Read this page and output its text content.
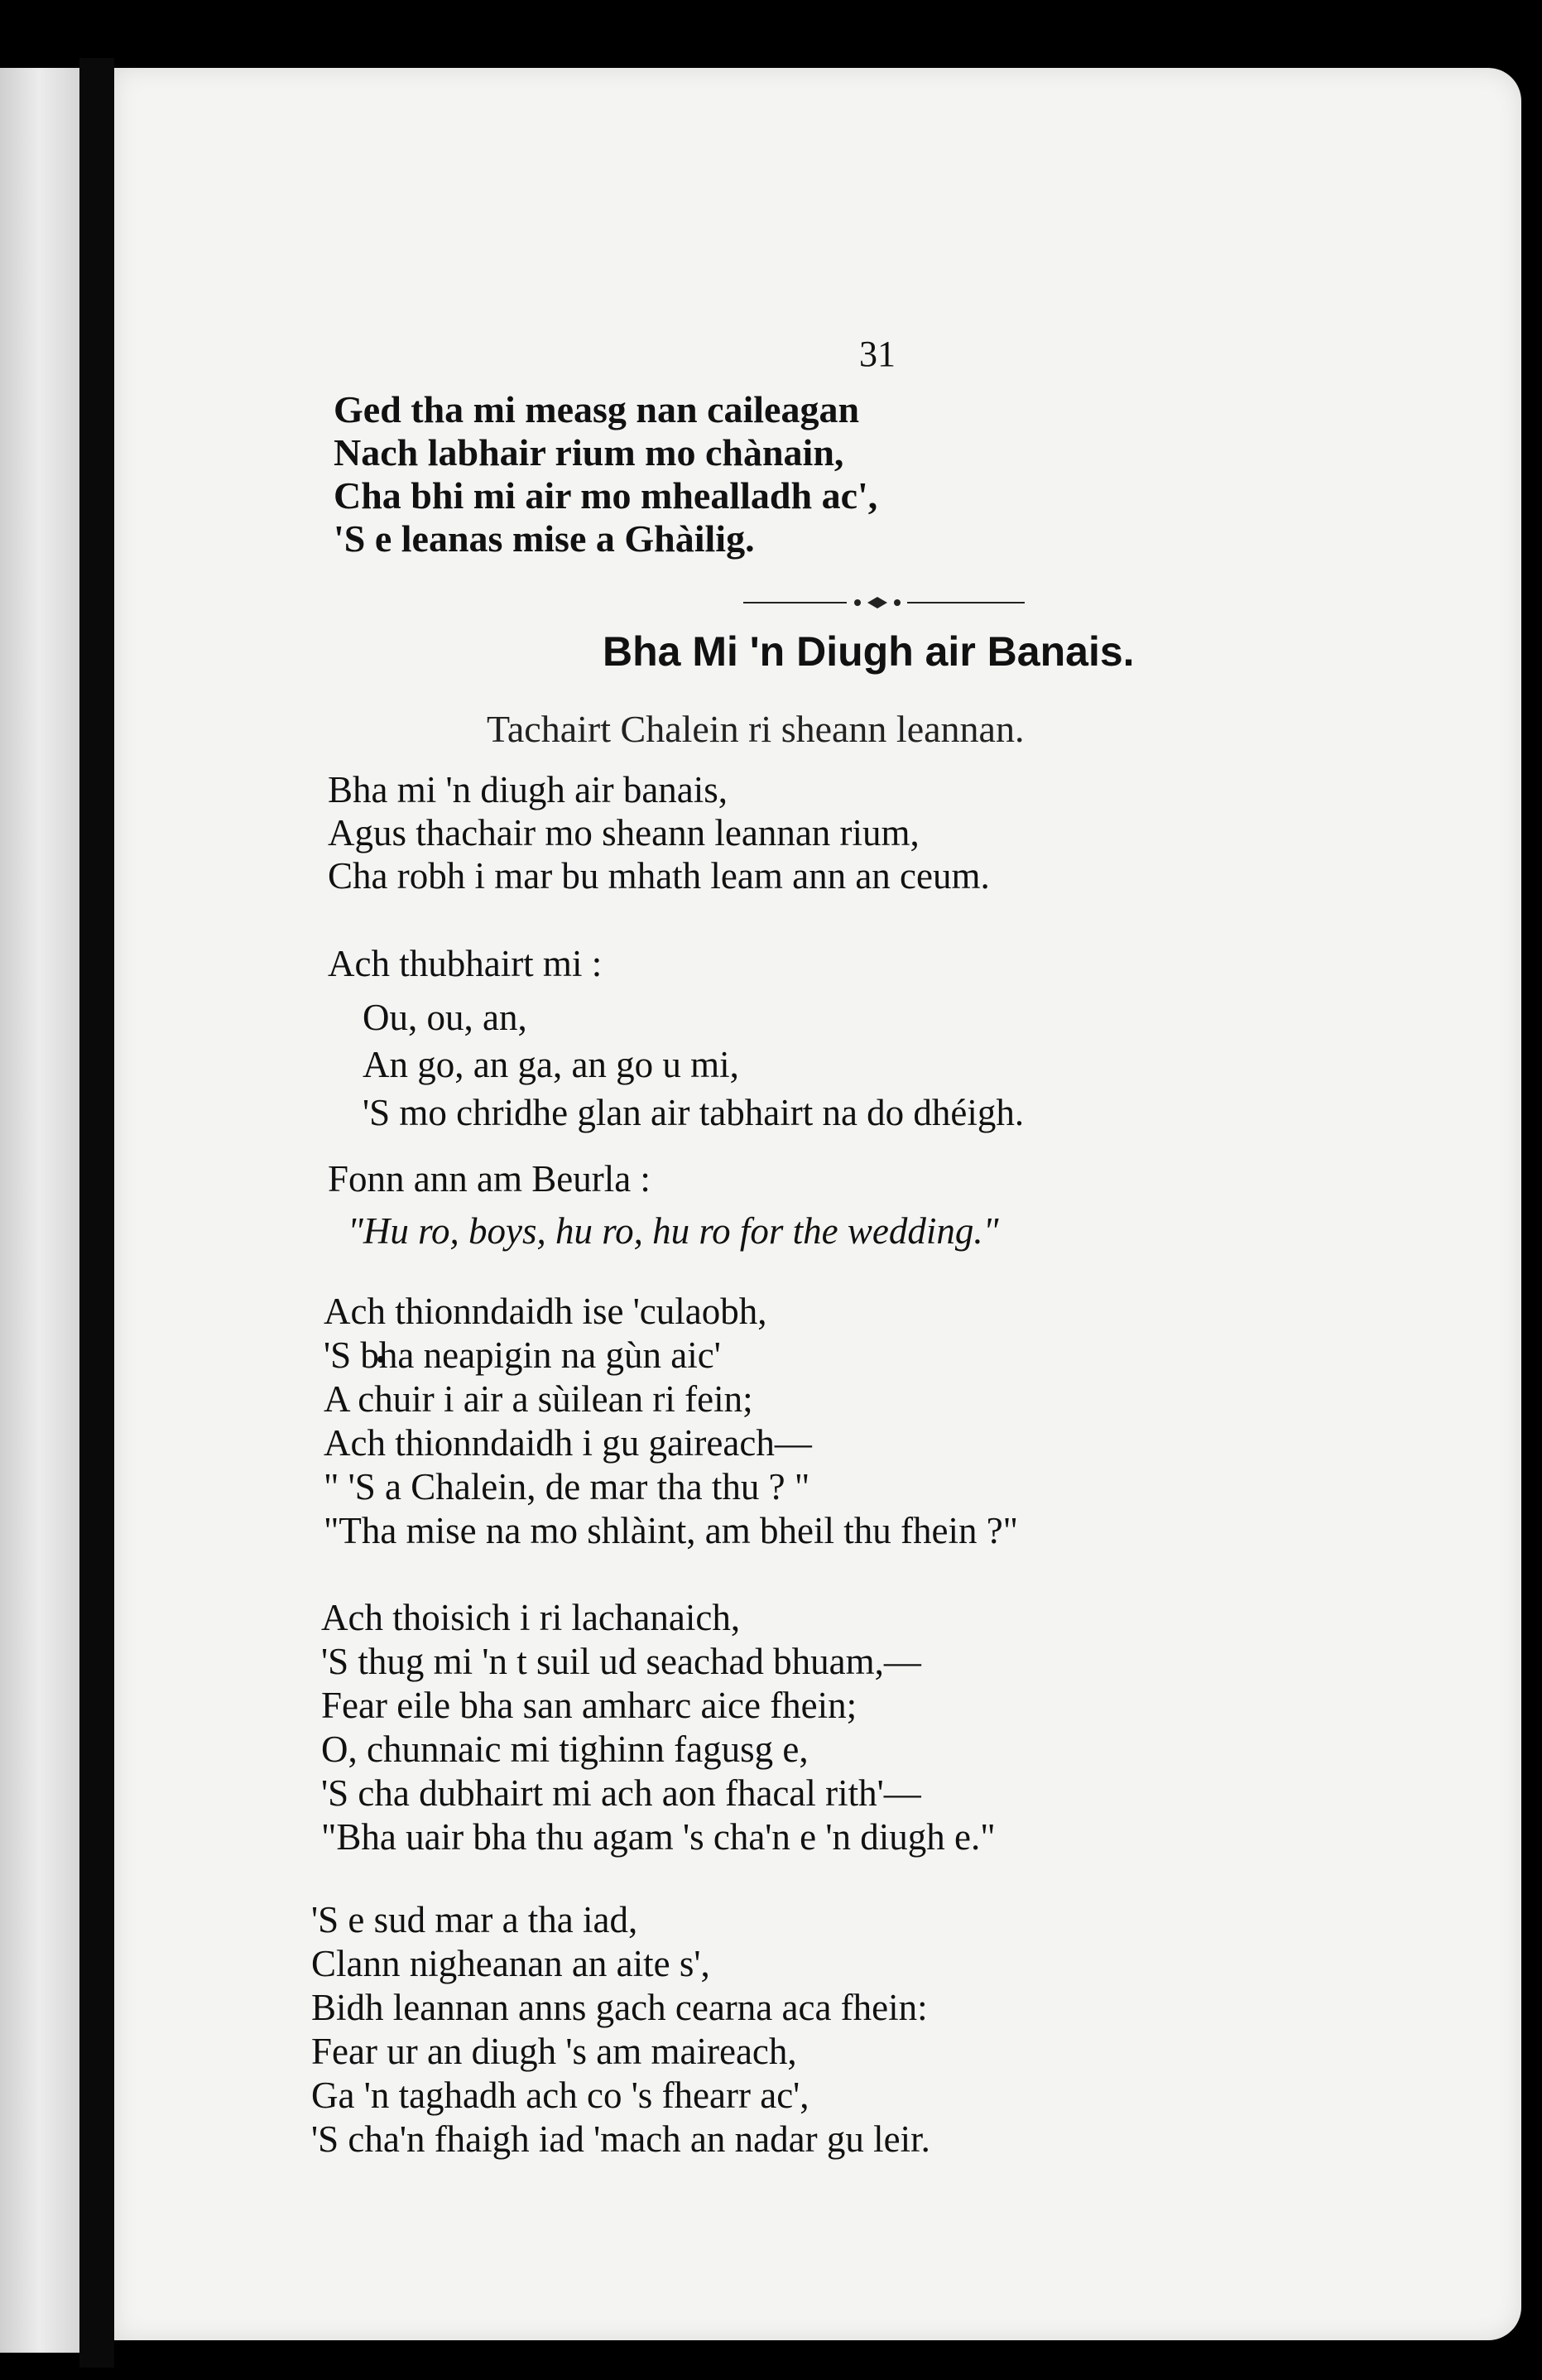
31
Ged tha mi measg nan caileagan
Nach labhair rium mo chànain,
Cha bhi mi air mo mhealladh ac',
'S e leanas mise a Ghàilig.
Bha Mi 'n Diugh air Banais.
Tachairt Chalein ri sheann leannan.
Bha mi 'n diugh air banais,
Agus thachair mo sheann leannan rium,
Cha robh i mar bu mhath leam ann an ceum.
Ach thubhairt mi :
Ou, ou, an,
An go, an ga, an go u mi,
'S mo chridhe glan air tabhairt na do dhéigh.
Fonn ann am Beurla :
"Hu ro, boys, hu ro, hu ro for the wedding."
Ach thionndaidh ise 'culaobh,
'S bha neapigin na gùn aic'
A chuir i air a sùilean ri fein;
Ach thionndaidh i gu gaireach—
" 'S a Chalein, de mar tha thu ? "
"Tha mise na mo shlàint, am bheil thu fhein ?"
Ach thoisich i ri lachanaich,
'S thug mi 'n t suil ud seachad bhuam,—
Fear eile bha san amharc aice fhein;
O, chunnaic mi tighinn fagusg e,
'S cha dubhairt mi ach aon fhacal rith'—
"Bha uair bha thu agam 's cha'n e 'n diugh e."
'S e sud mar a tha iad,
Clann nigheanan an aite s',
Bidh leannan anns gach cearna aca fhein:
Fear ur an diugh 's am maireach,
Ga 'n taghadh ach co 's fhearr ac',
'S cha'n fhaigh iad 'mach an nadar gu leir.
